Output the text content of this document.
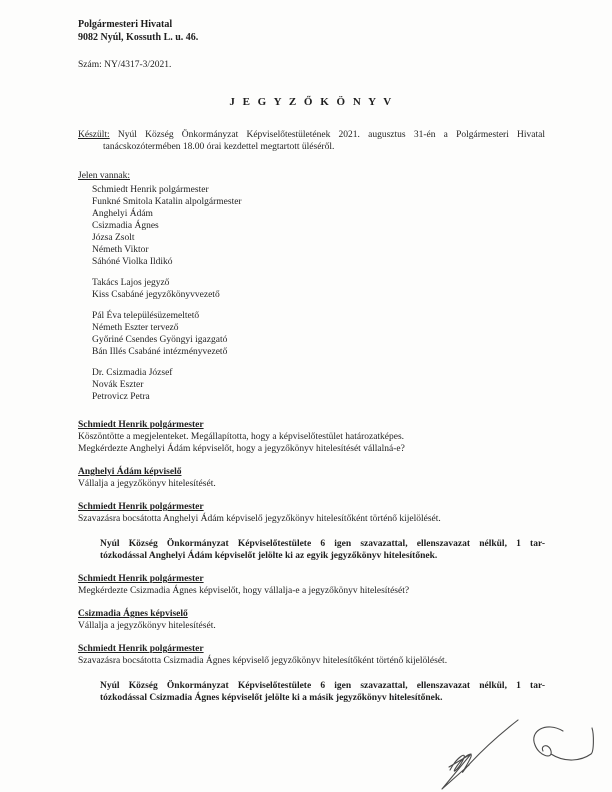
Polgármesteri Hivatal
9082 Nyúl, Kossuth L. u. 46.
Szám: NY/4317-3/2021.
J E G Y Z Ő K Ö N Y V
Készült: Nyúl Község Önkormányzat Képviselőtestületének 2021. augusztus 31-én a Polgármesteri Hivatal
tanácskozótermében 18.00 órai kezdettel megtartott üléséről.
Jelen vannak:
Schmiedt Henrik polgármester
Funkné Smitola Katalin alpolgármester
Anghelyi Ádám
Csizmadia Ágnes
Józsa Zsolt
Németh Viktor
Sáhóné Violka Ildikó
Takács Lajos jegyző
Kiss Csabáné jegyzőkönyvvezető
Pál Éva településüzemeltető
Németh Eszter tervező
Győriné Csendes Gyöngyi igazgató
Bán Illés Csabáné intézményvezető
Dr. Csizmadia József
Novák Eszter
Petrovicz Petra
Schmiedt Henrik polgármester
Köszöntötte a megjelenteket. Megállapította, hogy a képviselőtestület határozatképes.
Megkérdezte Anghelyi Ádám képviselőt, hogy a jegyzőkönyv hitelesítését vállalná-e?
Anghelyi Ádám képviselő
Vállalja a jegyzőkönyv hitelesítését.
Schmiedt Henrik polgármester
Szavazásra bocsátotta Anghelyi Ádám képviselő jegyzőkönyv hitelesítőként történő kijelölését.
Nyúl Község Önkormányzat Képviselőtestülete 6 igen szavazattal, ellenszavazat nélkül, 1 tar-
tózkodással Anghelyi Ádám képviselőt jelölte ki az egyik jegyzőkönyv hitelesítőnek.
Schmiedt Henrik polgármester
Megkérdezte Csizmadia Ágnes képviselőt, hogy vállalja-e a jegyzőkönyv hitelesítését?
Csizmadia Ágnes képviselő
Vállalja a jegyzőkönyv hitelesítését.
Schmiedt Henrik polgármester
Szavazásra bocsátotta Csizmadia Ágnes képviselő jegyzőkönyv hitelesítőként történő kijelölését.
Nyúl Község Önkormányzat Képviselőtestülete 6 igen szavazattal, ellenszavazat nélkül, 1 tar-
tózkodással Csizmadia Ágnes képviselőt jelölte ki a másik jegyzőkönyv hitelesítőnek.
